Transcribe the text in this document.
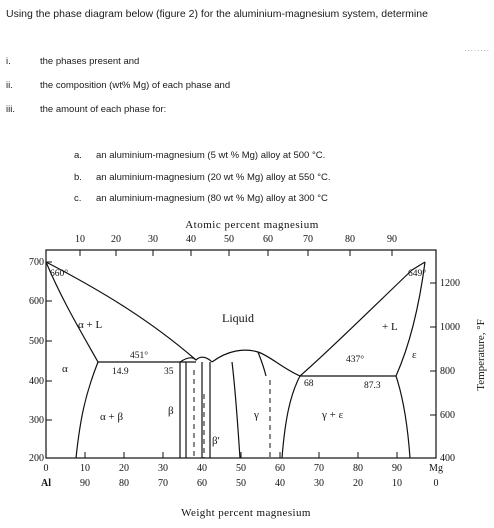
Using the phase diagram below (figure 2) for the aluminium-magnesium system, determine
........
i.	the phases present and
ii.	the composition (wt% Mg) of each phase and
iii.	the amount of each phase for:
a. an aluminium-magnesium (5 wt % Mg) alloy at 500 °C.
b. an aluminium-magnesium (20 wt % Mg) alloy at 550 °C.
c. an aluminium-magnesium (80 wt % Mg) alloy at 300 °C
Atomic percent magnesium
10	20	30	40	50	60	70	80	90
700
600
500
400
300
200
1200
1000
800
600
400
Temperature, °F
0	10	20	30	40	50	60	70	80	90	Mg
Al	90	80	70	60	50	40	30	20	10	0
Weight percent magnesium
660°	649°
Liquid
α + L	+ L
α
451°
14.9	35
437°
68	87.3
α + β	β
β'
γ	γ + ε
ε
